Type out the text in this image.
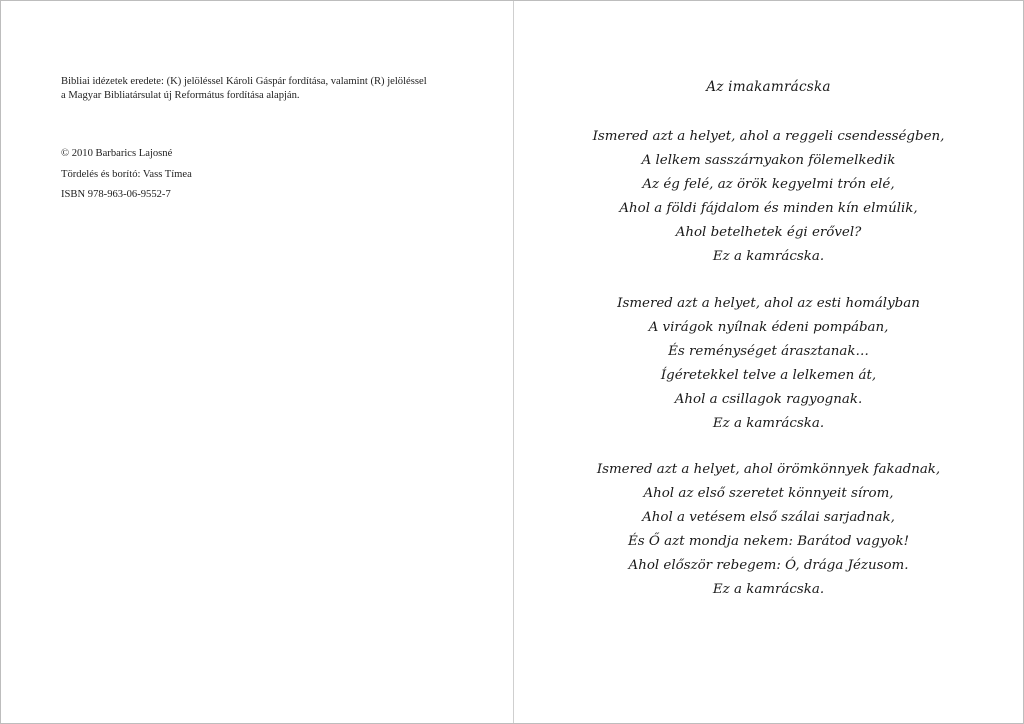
Bibliai idézetek eredete: (K) jelöléssel Károli Gáspár fordítása, valamint (R) jelöléssel

a Magyar Bibliatársulat új Református fordítása alapján.

© 2010 Barbarics Lajosné

Tördelés és borító: Vass Tímea

ISBN 978-963-06-9552-7

Az imakamrácska

Ismered azt a helyet, ahol a reggeli csendességben,
A lelkem sasszárnyakon fölemelkedik
Az ég felé, az örök kegyelmi trón elé,
Ahol a földi fájdalom és minden kín elmúlik,
Ahol betelhetek égi erővel?
Ez a kamrácska.
Ismered azt a helyet, ahol az esti homályban
A virágok nyílnak édeni pompában,
És reménységet árasztanak…
Ígéretekkel telve a lelkemen át,
Ahol a csillagok ragyognak.
Ez a kamrácska.
Ismered azt a helyet, ahol örömkönnyek fakadnak,
Ahol az első szeretet könnyeit sírom,
Ahol a vetésem első szálai sarjadnak,
És Ő azt mondja nekem: Barátod vagyok!
Ahol először rebegem: Ó, drága Jézusom.
Ez a kamrácska.
